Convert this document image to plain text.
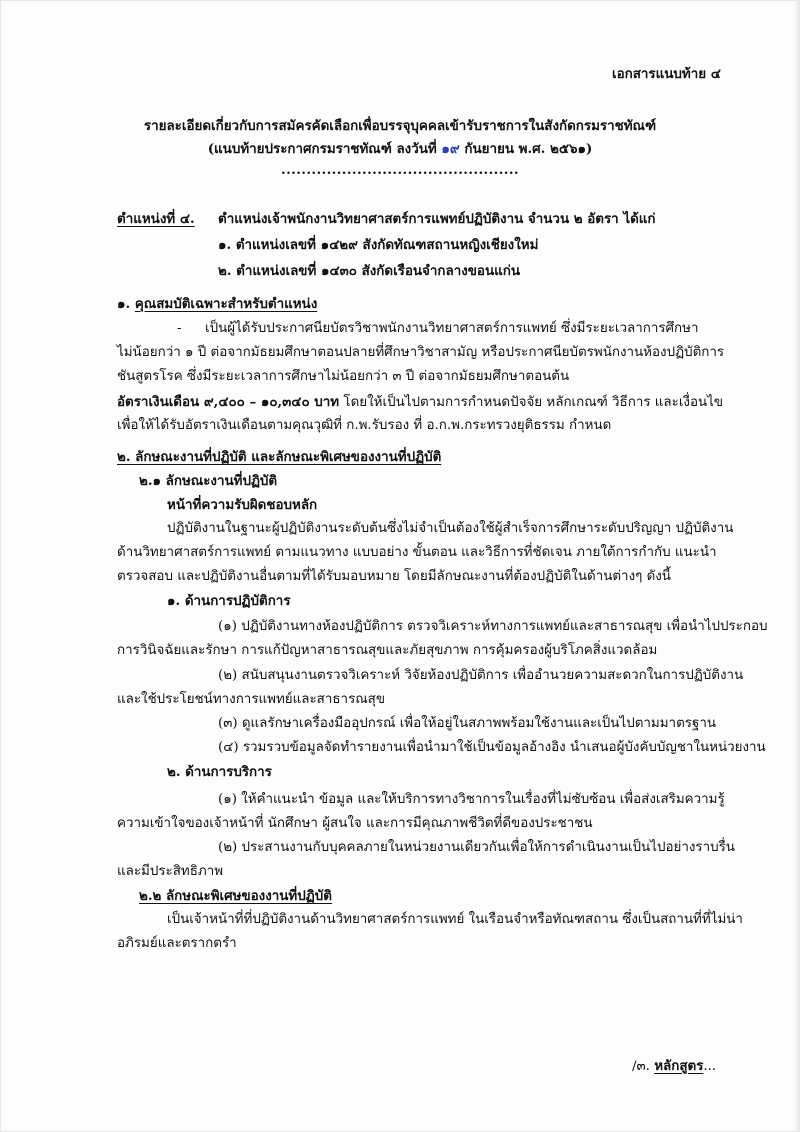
เอกสารแนบท้าย ๔
รายละเอียดเกี่ยวกับการสมัครคัดเลือกเพื่อบรรจุบุคคลเข้ารับราชการในสังกัดกรมราชทัณฑ์
(แนบท้ายประกาศกรมราชทัณฑ์ ลงวันที่ ๑๙ กันยายน พ.ศ. ๒๕๖๑)
...............................................
ตำแหน่งที่ ๔. ตำแหน่งเจ้าพนักงานวิทยาศาสตร์การแพทย์ปฏิบัติงาน จำนวน ๒ อัตรา ได้แก่
๑. ตำแหน่งเลขที่ ๑๔๒๙ สังกัดทัณฑสถานหญิงเชียงใหม่
๒. ตำแหน่งเลขที่ ๑๔๓๐ สังกัดเรือนจำกลางขอนแก่น
๑. คุณสมบัติเฉพาะสำหรับตำแหน่ง
- เป็นผู้ได้รับประกาศนียบัตรวิชาพนักงานวิทยาศาสตร์การแพทย์ ซึ่งมีระยะเวลาการศึกษา
ไม่น้อยกว่า ๑ ปี ต่อจากมัธยมศึกษาตอนปลายที่ศึกษาวิชาสามัญ หรือประกาศนียบัตรพนักงานห้องปฏิบัติการ
ชันสูตรโรค ซึ่งมีระยะเวลาการศึกษาไม่น้อยกว่า ๓ ปี ต่อจากมัธยมศึกษาตอนต้น
อัตราเงินเดือน ๙,๔๐๐ – ๑๐,๓๔๐ บาท โดยให้เป็นไปตามการกำหนดปัจจัย หลักเกณฑ์ วิธีการ และเงื่อนไข
เพื่อให้ได้รับอัตราเงินเดือนตามคุณวุฒิที่ ก.พ.รับรอง ที่ อ.ก.พ.กระทรวงยุติธรรม กำหนด
๒. ลักษณะงานที่ปฏิบัติ และลักษณะพิเศษของงานที่ปฏิบัติ
๒.๑ ลักษณะงานที่ปฏิบัติ
หน้าที่ความรับผิดชอบหลัก
ปฏิบัติงานในฐานะผู้ปฏิบัติงานระดับต้นซึ่งไม่จำเป็นต้องใช้ผู้สำเร็จการศึกษาระดับปริญญา ปฏิบัติงาน
ด้านวิทยาศาสตร์การแพทย์ ตามแนวทาง แบบอย่าง ขั้นตอน และวิธีการที่ชัดเจน ภายใต้การกำกับ แนะนำ
ตรวจสอบ และปฏิบัติงานอื่นตามที่ได้รับมอบหมาย โดยมีลักษณะงานที่ต้องปฏิบัติในด้านต่างๆ ดังนี้
๑. ด้านการปฏิบัติการ
(๑) ปฏิบัติงานทางห้องปฏิบัติการ ตรวจวิเคราะห์ทางการแพทย์และสาธารณสุข เพื่อนำไปประกอบ
การวินิจฉัยและรักษา การแก้ปัญหาสาธารณสุขและภัยสุขภาพ การคุ้มครองผู้บริโภคสิ่งแวดล้อม
(๒) สนับสนุนงานตรวจวิเคราะห์ วิจัยห้องปฏิบัติการ เพื่ออำนวยความสะดวกในการปฏิบัติงาน
และใช้ประโยชน์ทางการแพทย์และสาธารณสุข
(๓) ดูแลรักษาเครื่องมืออุปกรณ์ เพื่อให้อยู่ในสภาพพร้อมใช้งานและเป็นไปตามมาตรฐาน
(๔) รวมรวบข้อมูลจัดทำรายงานเพื่อนำมาใช้เป็นข้อมูลอ้างอิง นำเสนอผู้บังคับบัญชาในหน่วยงาน
๒. ด้านการบริการ
(๑) ให้คำแนะนำ ข้อมูล และให้บริการทางวิชาการในเรื่องที่ไม่ซับซ้อน เพื่อส่งเสริมความรู้
ความเข้าใจของเจ้าหน้าที่ นักศึกษา ผู้สนใจ และการมีคุณภาพชีวิตที่ดีของประชาชน
(๒) ประสานงานกับบุคคลภายในหน่วยงานเดียวกันเพื่อให้การดำเนินงานเป็นไปอย่างราบรื่น
และมีประสิทธิภาพ
๒.๒ ลักษณะพิเศษของงานที่ปฏิบัติ
เป็นเจ้าหน้าที่ที่ปฏิบัติงานด้านวิทยาศาสตร์การแพทย์ ในเรือนจำหรือทัณฑสถาน ซึ่งเป็นสถานที่ที่ไม่น่า
อภิรมย์และตรากตรำ
/๓. หลักสูตร...
